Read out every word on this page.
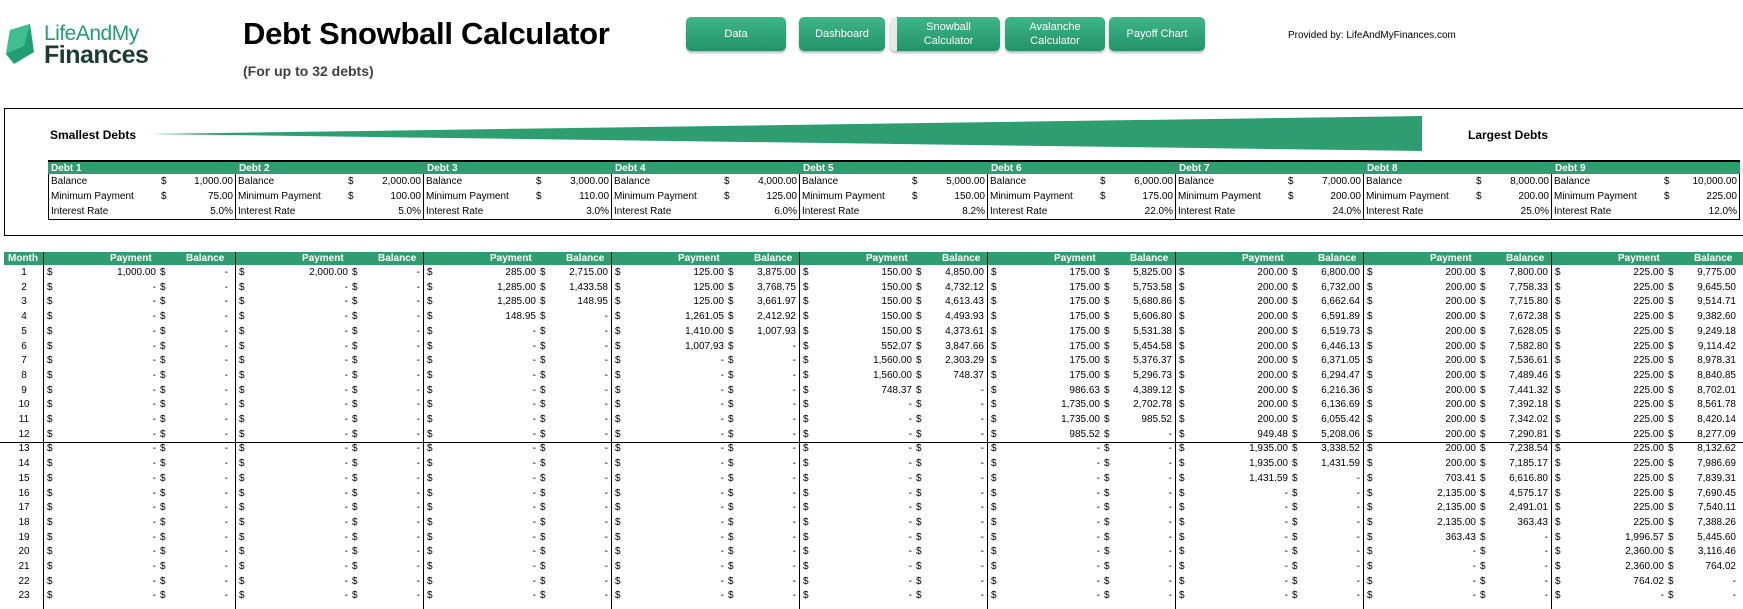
LifeAndMy
Finances
Debt Snowball Calculator
(For up to 32 debts)
Data	Dashboard
Snowball
Calculator
Avalanche
Calculator
Payoff Chart	Provided by: LifeAndMyFinances.com
Smallest Debts	Largest Debts
Debt 1
Balance	$	1,000.00
Minimum Payment	$	75.00
Interest Rate	5.0%
Debt 2
Balance	$	2,000.00
Minimum Payment	$	100.00
Interest Rate	5.0%
Debt 3
Balance	$	3,000.00
Minimum Payment	$	110.00
Interest Rate	3.0%
Debt 4
Balance	$	4,000.00
Minimum Payment	$	125.00
Interest Rate	6.0%
Debt 5
Balance	$	5,000.00
Minimum Payment	$	150.00
Interest Rate	8.2%
Debt 6
Balance	$	6,000.00
Minimum Payment	$	175.00
Interest Rate	22.0%
Debt 7
Balance	$	7,000.00
Minimum Payment	$	200.00
Interest Rate	24.0%
Debt 8
Balance	$	8,000.00
Minimum Payment	$	200.00
Interest Rate	25.0%
Debt 9
Balance	$	10,000.00
Minimum Payment	$	225.00
Interest Rate	12.0%
Month	Payment	Balance	Payment	Balance	Payment	Balance	Payment	Balance	Payment	Balance	Payment	Balance	Payment	Balance	Payment	Balance	Payment	Balance
1	$	1,000.00 $	- $	2,000.00 $	- $	285.00 $	2,715.00 $	125.00 $	3,875.00 $	150.00 $	4,850.00 $	175.00 $	5,825.00 $	200.00 $	6,800.00 $	200.00 $	7,800.00 $	225.00 $	9,775.00
2	$	- $	- $	- $	- $	1,285.00 $	1,433.58 $	125.00 $	3,768.75 $	150.00 $	4,732.12 $	175.00 $	5,753.58 $	200.00 $	6,732.00 $	200.00 $	7,758.33 $	225.00 $	9,645.50
3	$	- $	- $	- $	- $	1,285.00 $	148.95 $	125.00 $	3,661.97 $	150.00 $	4,613.43 $	175.00 $	5,680.86 $	200.00 $	6,662.64 $	200.00 $	7,715.80 $	225.00 $	9,514.71
4	$	- $	- $	- $	- $	148.95 $	- $	1,261.05 $	2,412.92 $	150.00 $	4,493.93 $	175.00 $	5,606.80 $	200.00 $	6,591.89 $	200.00 $	7,672.38 $	225.00 $	9,382.60
5	$	- $	- $	- $	- $	- $	- $	1,410.00 $	1,007.93 $	150.00 $	4,373.61 $	175.00 $	5,531.38 $	200.00 $	6,519.73 $	200.00 $	7,628.05 $	225.00 $	9,249.18
6	$	- $	- $	- $	- $	- $	- $	1,007.93 $	- $	552.07 $	3,847.66 $	175.00 $	5,454.58 $	200.00 $	6,446.13 $	200.00 $	7,582.80 $	225.00 $	9,114.42
7	$	- $	- $	- $	- $	- $	- $	- $	- $	1,560.00 $	2,303.29 $	175.00 $	5,376.37 $	200.00 $	6,371.05 $	200.00 $	7,536.61 $	225.00 $	8,978.31
8	$	- $	- $	- $	- $	- $	- $	- $	- $	1,560.00 $	748.37 $	175.00 $	5,296.73 $	200.00 $	6,294.47 $	200.00 $	7,489.46 $	225.00 $	8,840.85
9	$	- $	- $	- $	- $	- $	- $	- $	- $	748.37 $	- $	986.63 $	4,389.12 $	200.00 $	6,216.36 $	200.00 $	7,441.32 $	225.00 $	8,702.01
10	$	- $	- $	- $	- $	- $	- $	- $	- $	- $	- $	1,735.00 $	2,702.78 $	200.00 $	6,136.69 $	200.00 $	7,392.18 $	225.00 $	8,561.78
11	$	- $	- $	- $	- $	- $	- $	- $	- $	- $	- $	1,735.00 $	985.52 $	200.00 $	6,055.42 $	200.00 $	7,342.02 $	225.00 $	8,420.14
12	$	- $	- $	- $	- $	- $	- $	- $	- $	- $	- $	985.52 $	- $	949.48 $	5,208.06 $	200.00 $	7,290.81 $	225.00 $	8,277.09
13	$	- $	- $	- $	- $	- $	- $	- $	- $	- $	- $	- $	- $	1,935.00 $	3,338.52 $	200.00 $	7,238.54 $	225.00 $	8,132.62
14	$	- $	- $	- $	- $	- $	- $	- $	- $	- $	- $	- $	- $	1,935.00 $	1,431.59 $	200.00 $	7,185.17 $	225.00 $	7,986.69
15	$	- $	- $	- $	- $	- $	- $	- $	- $	- $	- $	- $	- $	1,431.59 $	- $	703.41 $	6,616.80 $	225.00 $	7,839.31
16	$	- $	- $	- $	- $	- $	- $	- $	- $	- $	- $	- $	- $	- $	- $	2,135.00 $	4,575.17 $	225.00 $	7,690.45
17	$	- $	- $	- $	- $	- $	- $	- $	- $	- $	- $	- $	- $	- $	- $	2,135.00 $	2,491.01 $	225.00 $	7,540.11
18	$	- $	- $	- $	- $	- $	- $	- $	- $	- $	- $	- $	- $	- $	- $	2,135.00 $	363.43 $	225.00 $	7,388.26
19	$	- $	- $	- $	- $	- $	- $	- $	- $	- $	- $	- $	- $	- $	- $	363.43 $	- $	1,996.57 $	5,445.60
20	$	- $	- $	- $	- $	- $	- $	- $	- $	- $	- $	- $	- $	- $	- $	- $	- $	2,360.00 $	3,116.46
21	$	- $	- $	- $	- $	- $	- $	- $	- $	- $	- $	- $	- $	- $	- $	- $	- $	2,360.00 $	764.02
22	$	- $	- $	- $	- $	- $	- $	- $	- $	- $	- $	- $	- $	- $	- $	- $	- $	764.02 $	-
23	$	- $	- $	- $	- $	- $	- $	- $	- $	- $	- $	- $	- $	- $	- $	- $	- $	- $	-
